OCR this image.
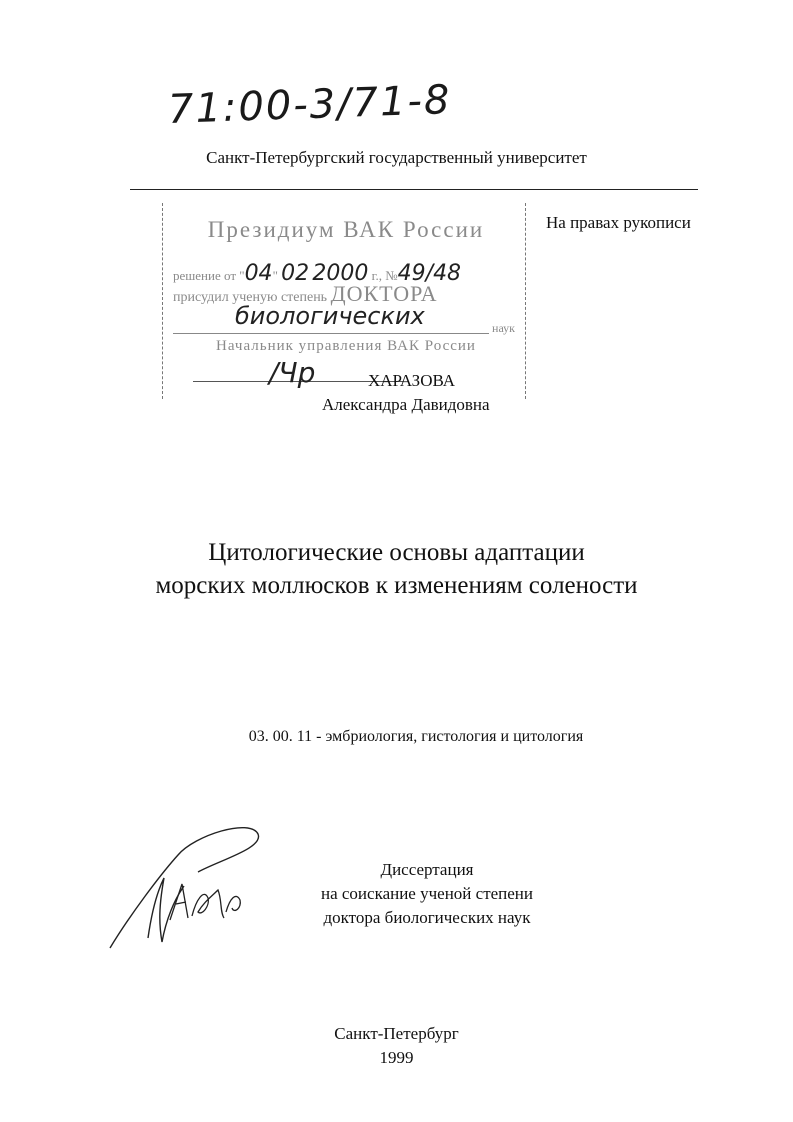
71:00-3/71-8
Санкт-Петербургский государственный университет
Президиум ВАК России
решение от "04" 02 2000 г., №49/48
присудил ученую степень ДОКТОРА
биологических	наук
Начальник управления ВАК России
/Чр
На правах рукописи
ХАРАЗОВА
Александра Давидовна
Цитологические основы адаптации
морских моллюсков к изменениям солености
03. 00. 11 - эмбриология, гистология и цитология
Диссертация
на соискание ученой степени
доктора биологических наук
Санкт-Петербург
1999
